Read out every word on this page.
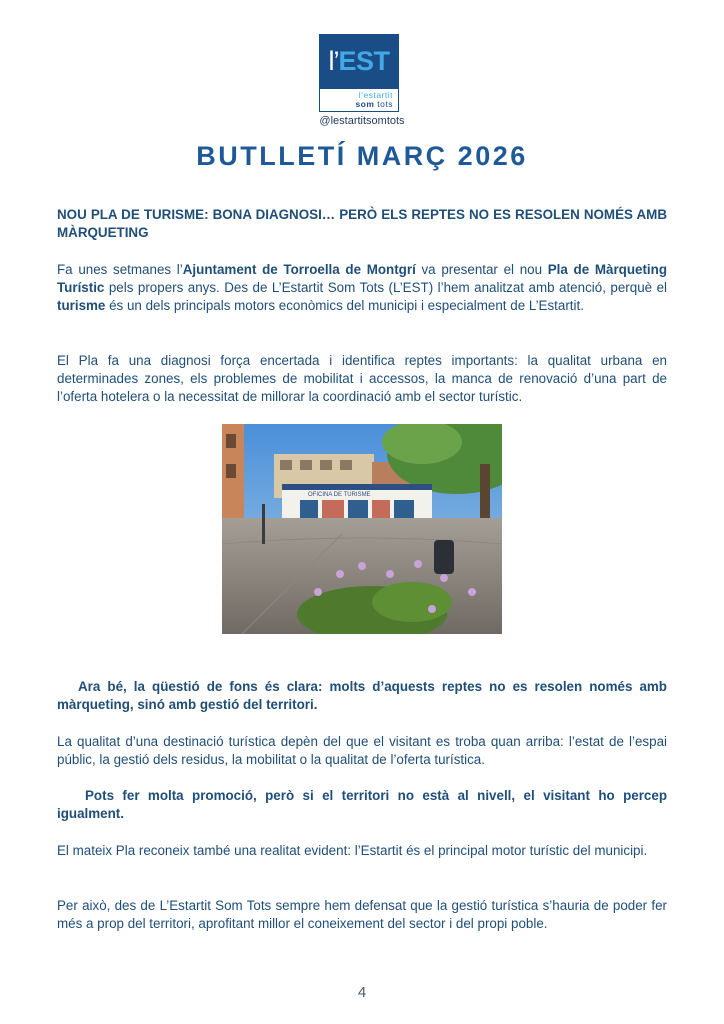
l’ EST
l’estartit
som tots
@lestartitsomtots
BUTLLETÍ MARÇ 2026

NOU PLA DE TURISME: BONA DIAGNOSI… PERÒ ELS REPTES NO ES RESOLEN NOMÉS AMB MÀRQUETING

Fa unes setmanes l’Ajuntament de Torroella de Montgrí va presentar el nou Pla de Màrqueting Turístic pels propers anys. Des de L’Estartit Som Tots (L’EST) l’hem analitzat amb atenció, perquè el turisme és un dels principals motors econòmics del municipi i especialment de L’Estartit.

El Pla fa una diagnosi força encertada i identifica reptes importants: la qualitat urbana en determinades zones, els problemes de mobilitat i accessos, la manca de renovació d’una part de l’oferta hotelera o la necessitat de millorar la coordinació amb el sector turístic.

OFICINA DE TURISME

Ara bé, la qüestió de fons és clara: molts d’aquests reptes no es resolen només amb màrqueting, sinó amb gestió del territori.

La qualitat d’una destinació turística depèn del que el visitant es troba quan arriba: l’estat de l’espai públic, la gestió dels residus, la mobilitat o la qualitat de l’oferta turística.

Pots fer molta promoció, però si el territori no està al nivell, el visitant ho percep igualment.

El mateix Pla reconeix també una realitat evident: l’Estartit és el principal motor turístic del municipi.

Per això, des de L’Estartit Som Tots sempre hem defensat que la gestió turística s’hauria de poder fer més a prop del territori, aprofitant millor el coneixement del sector i del propi poble.

4
